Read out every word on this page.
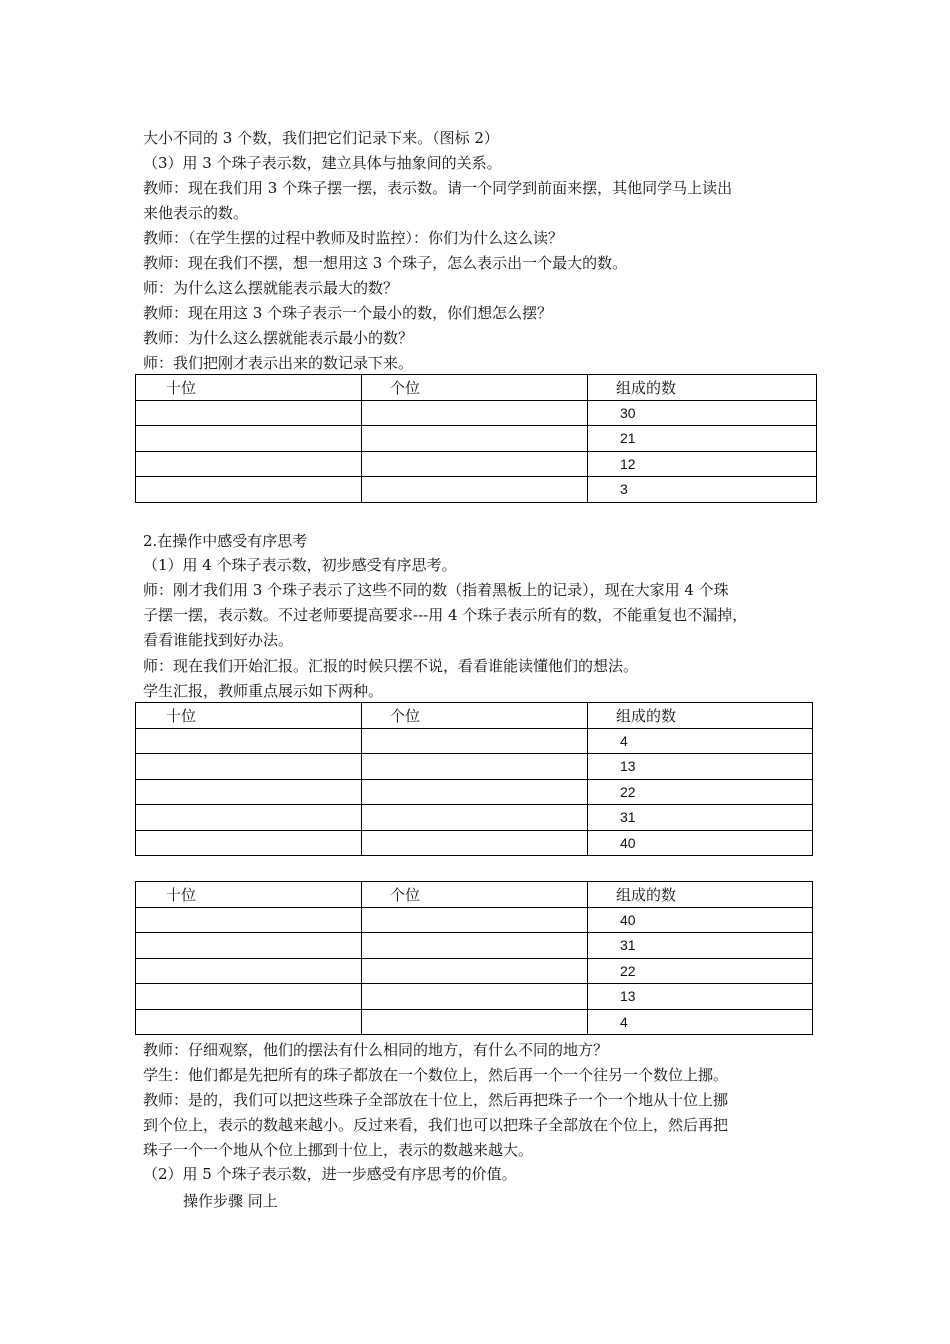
大小不同的 3 个数，我们把它们记录下来。（图标 2）

（3）用 3 个珠子表示数，建立具体与抽象间的关系。

教师：现在我们用 3 个珠子摆一摆，表示数。请一个同学到前面来摆，其他同学马上读出

来他表示的数。

教师：（在学生摆的过程中教师及时监控）：你们为什么这么读？

教师：现在我们不摆，想一想用这 3 个珠子，怎么表示出一个最大的数。

师：为什么这么摆就能表示最大的数？

教师：现在用这 3 个珠子表示一个最小的数，你们想怎么摆？

教师：为什么这么摆就能表示最小的数？

师：我们把刚才表示出来的数记录下来。

十位	个位	组成的数
		30
		21
		12
		3

2.在操作中感受有序思考

（1）用 4 个珠子表示数，初步感受有序思考。

师：刚才我们用 3 个珠子表示了这些不同的数（指着黑板上的记录），现在大家用 4 个珠

子摆一摆，表示数。不过老师要提高要求---用 4 个珠子表示所有的数，不能重复也不漏掉，

看看谁能找到好办法。

师：现在我们开始汇报。汇报的时候只摆不说，看看谁能读懂他们的想法。

学生汇报，教师重点展示如下两种。

十位	个位	组成的数
		4
		13
		22
		31
		40
十位	个位	组成的数
		40
		31
		22
		13
		4

教师：仔细观察，他们的摆法有什么相同的地方，有什么不同的地方？

学生：他们都是先把所有的珠子都放在一个数位上，然后再一个一个往另一个数位上挪。

教师：是的，我们可以把这些珠子全部放在十位上，然后再把珠子一个一个地从十位上挪

到个位上，表示的数越来越小。反过来看，我们也可以把珠子全部放在个位上，然后再把

珠子一个一个地从个位上挪到十位上，表示的数越来越大。

（2）用 5 个珠子表示数，进一步感受有序思考的价值。

操作步骤 同上
